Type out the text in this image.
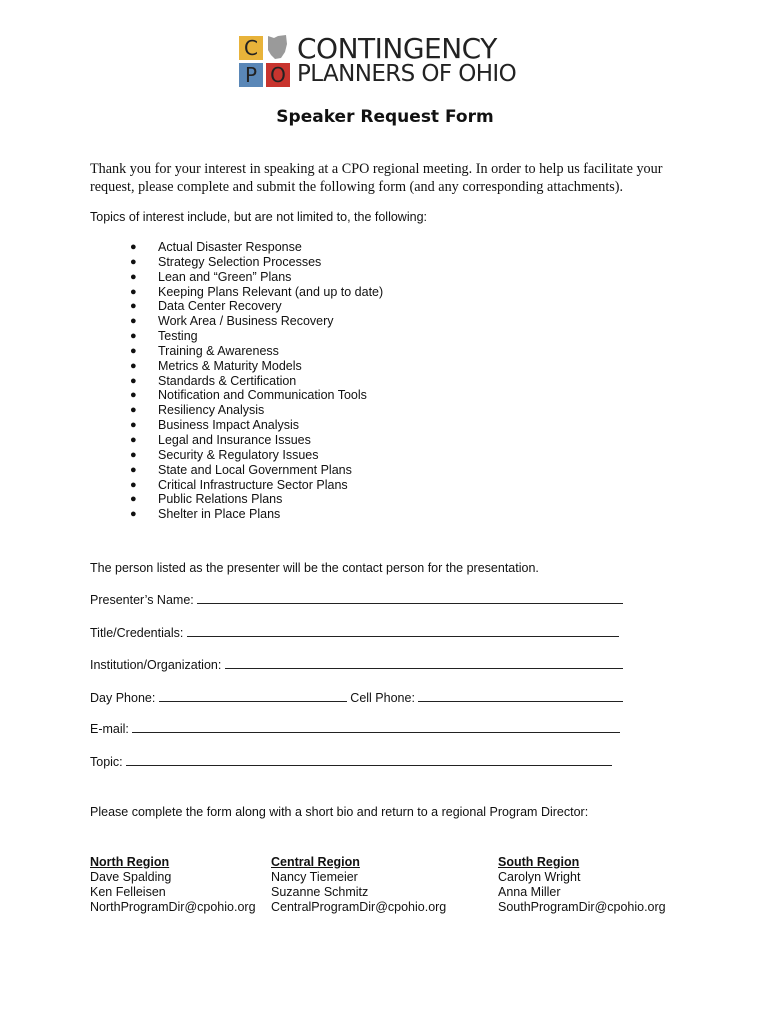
C
P O
CONTINGENCY
PLANNERS OF OHIO
Speaker Request Form
Thank you for your interest in speaking at a CPO regional meeting. In order to help us facilitate your request, please complete and submit the following form (and any corresponding attachments).
Topics of interest include, but are not limited to, the following:
● Actual Disaster Response
● Strategy Selection Processes
● Lean and “Green” Plans
● Keeping Plans Relevant (and up to date)
● Data Center Recovery
● Work Area / Business Recovery
● Testing
● Training & Awareness
● Metrics & Maturity Models
● Standards & Certification
● Notification and Communication Tools
● Resiliency Analysis
● Business Impact Analysis
● Legal and Insurance Issues
● Security & Regulatory Issues
● State and Local Government Plans
● Critical Infrastructure Sector Plans
● Public Relations Plans
● Shelter in Place Plans
The person listed as the presenter will be the contact person for the presentation.
Presenter’s Name:
Title/Credentials:
Institution/Organization:
Day Phone:	Cell Phone:
E-mail:
Topic:
Please complete the form along with a short bio and return to a regional Program Director:
North Region
Dave Spalding
Ken Felleisen
NorthProgramDir@cpohio.org
Central Region
Nancy Tiemeier
Suzanne Schmitz
CentralProgramDir@cpohio.org
South Region
Carolyn Wright
Anna Miller
SouthProgramDir@cpohio.org
